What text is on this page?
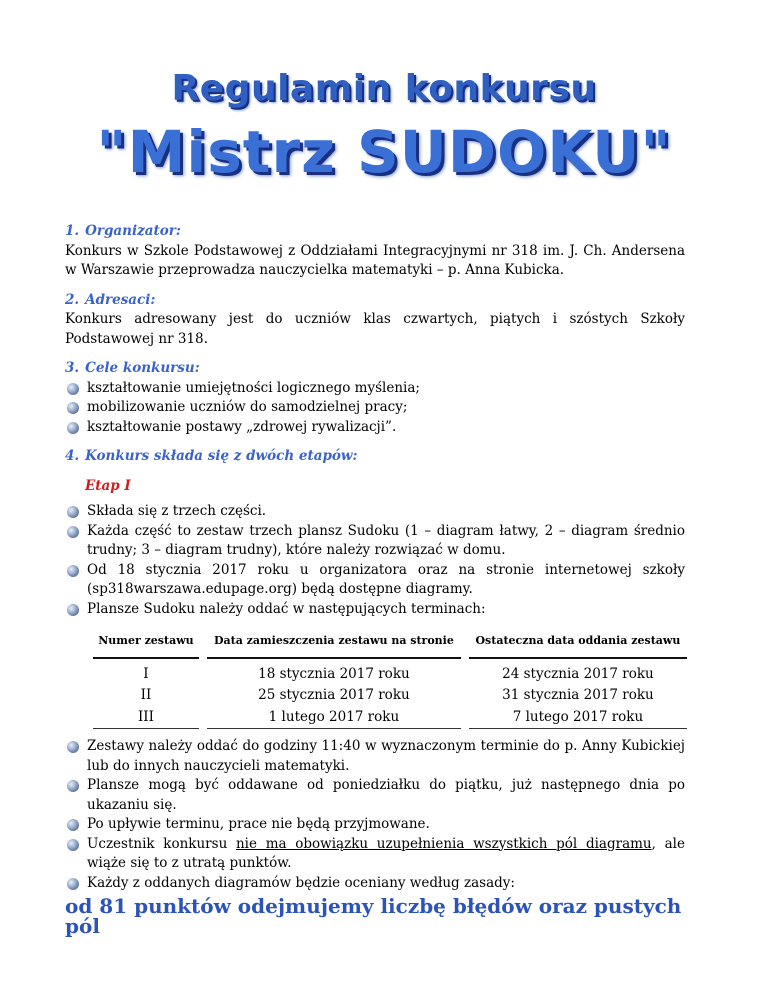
Regulamin konkursu
"Mistrz SUDOKU"
1. Organizator:

Konkurs w Szkole Podstawowej z Oddziałami Integracyjnymi nr 318 im. J. Ch. Andersena w Warszawie przeprowadza nauczycielka matematyki – p. Anna Kubicka.

2. Adresaci:

Konkurs adresowany jest do uczniów klas czwartych, piątych i szóstych Szkoły Podstawowej nr 318.

3. Cele konkursu:
kształtowanie umiejętności logicznego myślenia;
mobilizowanie uczniów do samodzielnej pracy;
kształtowanie postawy „zdrowej rywalizacji”.
4. Konkurs składa się z dwóch etapów:
Etap I
Składa się z trzech części.
Każda część to zestaw trzech plansz Sudoku (1 – diagram łatwy, 2 – diagram średnio trudny; 3 – diagram trudny), które należy rozwiązać w domu.
Od 18 stycznia 2017 roku u organizatora oraz na stronie internetowej szkoły (sp318warszawa.edupage.org) będą dostępne diagramy.
Plansze Sudoku należy oddać w następujących terminach:
Numer zestawu	Data zamieszczenia zestawu na stronie	Ostateczna data oddania zestawu
I	18 stycznia 2017 roku	24 stycznia 2017 roku
II	25 stycznia 2017 roku	31 stycznia 2017 roku
III	1 lutego 2017 roku	7 lutego 2017 roku
Zestawy należy oddać do godziny 11:40 w wyznaczonym terminie do p. Anny Kubickiej lub do innych nauczycieli matematyki.
Plansze mogą być oddawane od poniedziałku do piątku, już następnego dnia po ukazaniu się.
Po upływie terminu, prace nie będą przyjmowane.
Uczestnik konkursu nie ma obowiązku uzupełnienia wszystkich pól diagramu, ale wiąże się to z utratą punktów.
Każdy z oddanych diagramów będzie oceniany według zasady:
od 81 punktów odejmujemy liczbę błędów oraz pustych pól
